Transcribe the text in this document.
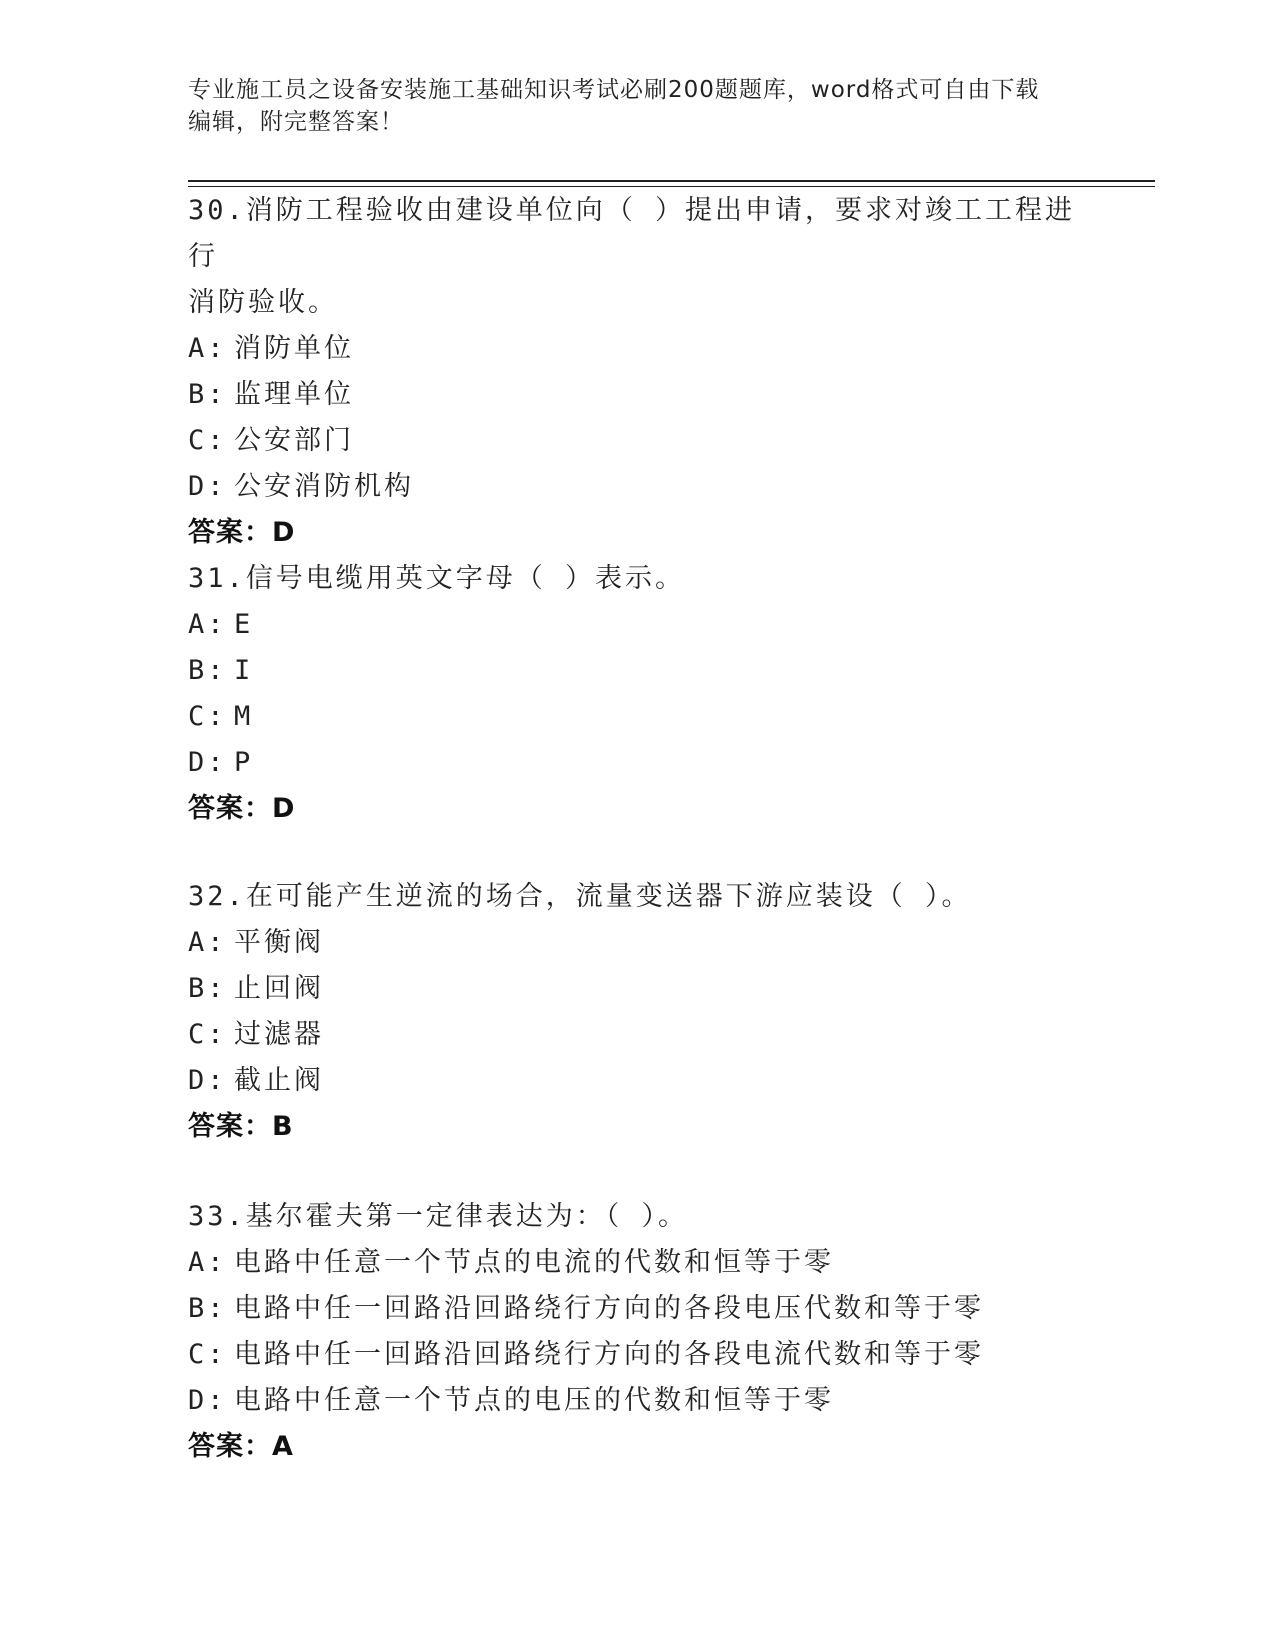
专业施工员之设备安装施工基础知识考试必刷200题题库，word格式可自由下载
编辑，附完整答案！
30.消防工程验收由建设单位向（ ）提出申请，要求对竣工工程进行
消防验收。
A: 消防单位
B: 监理单位
C: 公安部门
D: 公安消防机构
答案：D
31.信号电缆用英文字母（ ）表示。
A: E
B: I
C: M
D: P
答案：D
32.在可能产生逆流的场合，流量变送器下游应装设（ ）。
A: 平衡阀
B: 止回阀
C: 过滤器
D: 截止阀
答案：B
33.基尔霍夫第一定律表达为：（ ）。
A: 电路中任意一个节点的电流的代数和恒等于零
B: 电路中任一回路沿回路绕行方向的各段电压代数和等于零
C: 电路中任一回路沿回路绕行方向的各段电流代数和等于零
D: 电路中任意一个节点的电压的代数和恒等于零
答案：A
